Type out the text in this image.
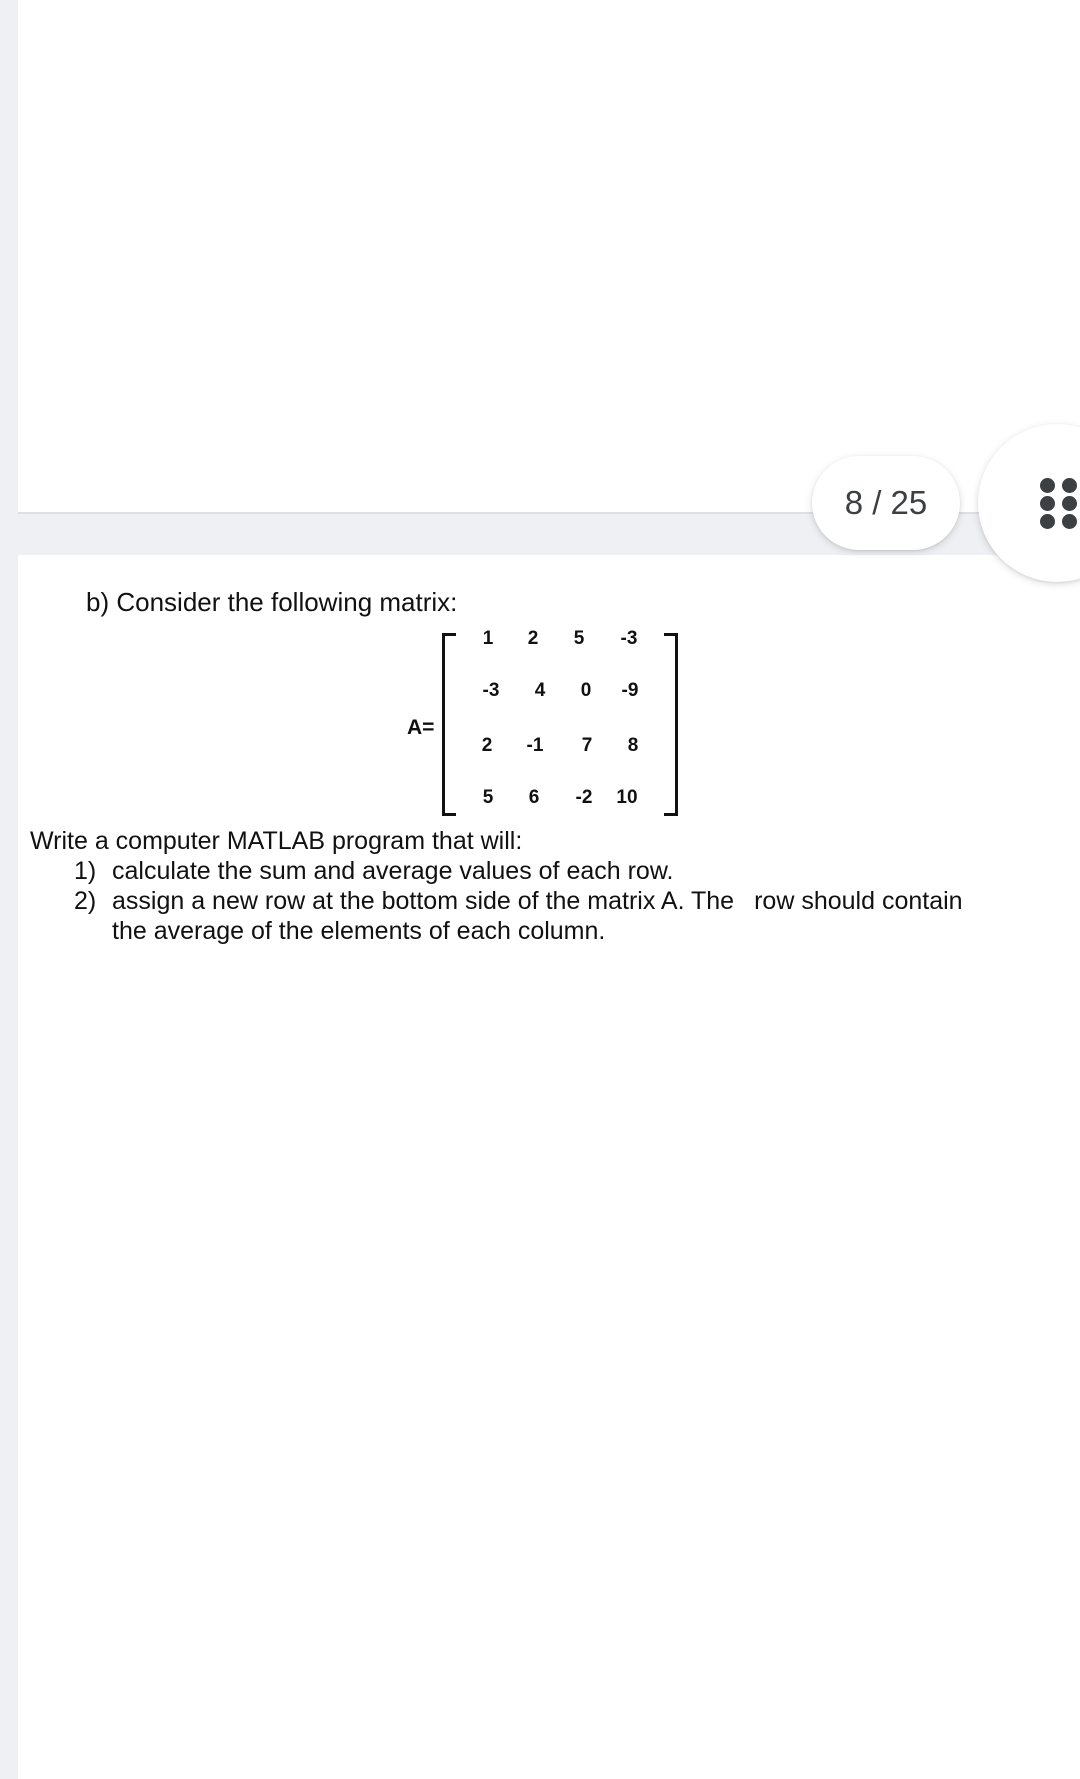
8 / 25
b) Consider the following matrix:
A=
1	2	5	-3
-3	4	0	-9
2	-1	7	8
5	6	-2	10
Write a computer MATLAB program that will:
1) calculate the sum and average values of each row.
2) assign a new row at the bottom side of the matrix A. The row should contain
the average of the elements of each column.
